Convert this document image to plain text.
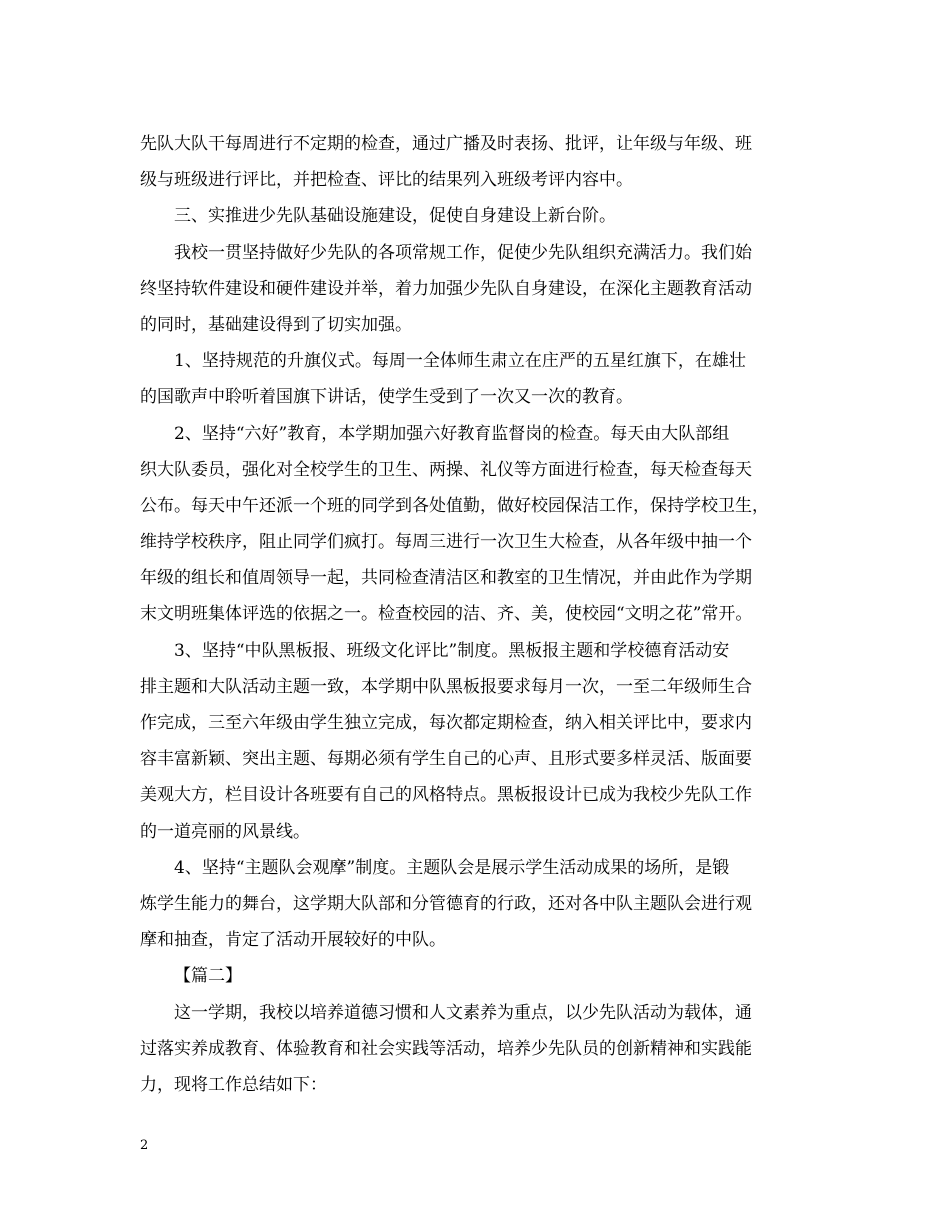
先队大队干每周进行不定期的检查，通过广播及时表扬、批评，让年级与年级、班
级与班级进行评比，并把检查、评比的结果列入班级考评内容中。
三、实推进少先队基础设施建设，促使自身建设上新台阶。
我校一贯坚持做好少先队的各项常规工作，促使少先队组织充满活力。我们始
终坚持软件建设和硬件建设并举，着力加强少先队自身建设，在深化主题教育活动
的同时，基础建设得到了切实加强。
1、坚持规范的升旗仪式。每周一全体师生肃立在庄严的五星红旗下，在雄壮
的国歌声中聆听着国旗下讲话，使学生受到了一次又一次的教育。
2、坚持“六好”教育，本学期加强六好教育监督岗的检查。每天由大队部组
织大队委员，强化对全校学生的卫生、两操、礼仪等方面进行检查，每天检查每天
公布。每天中午还派一个班的同学到各处值勤，做好校园保洁工作，保持学校卫生，
维持学校秩序，阻止同学们疯打。每周三进行一次卫生大检查，从各年级中抽一个
年级的组长和值周领导一起，共同检查清洁区和教室的卫生情况，并由此作为学期
末文明班集体评选的依据之一。检查校园的洁、齐、美，使校园“文明之花”常开。
3、坚持“中队黑板报、班级文化评比”制度。黑板报主题和学校德育活动安
排主题和大队活动主题一致，本学期中队黑板报要求每月一次，一至二年级师生合
作完成，三至六年级由学生独立完成，每次都定期检查，纳入相关评比中，要求内
容丰富新颖、突出主题、每期必须有学生自己的心声、且形式要多样灵活、版面要
美观大方，栏目设计各班要有自己的风格特点。黑板报设计已成为我校少先队工作
的一道亮丽的风景线。
4、坚持“主题队会观摩”制度。主题队会是展示学生活动成果的场所，是锻
炼学生能力的舞台，这学期大队部和分管德育的行政，还对各中队主题队会进行观
摩和抽查，肯定了活动开展较好的中队。
【篇二】
这一学期，我校以培养道德习惯和人文素养为重点，以少先队活动为载体，通
过落实养成教育、体验教育和社会实践等活动，培养少先队员的创新精神和实践能
力，现将工作总结如下：
2
